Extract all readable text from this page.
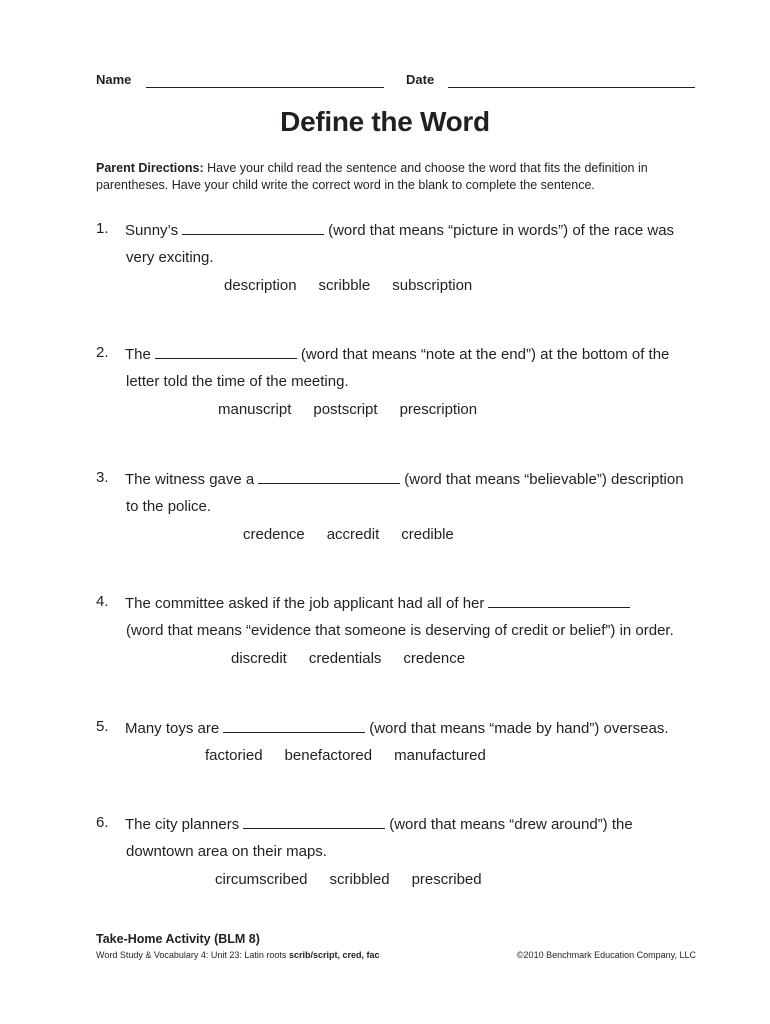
Name	Date
Define the Word
Parent Directions: Have your child read the sentence and choose the word that fits the definition in parentheses. Have your child write the correct word in the blank to complete the sentence.
1. Sunny’s	(word that means “picture in words”) of the race was
very exciting.
description scribble subscription
2. The	(word that means “note at the end”) at the bottom of the
letter told the time of the meeting.
manuscript postscript prescription
3. The witness gave a	(word that means “believable”) description
to the police.
credence accredit credible
4. The committee asked if the job applicant had all of her
(word that means “evidence that someone is deserving of credit or belief”) in order.
discredit credentials credence
5. Many toys are	(word that means “made by hand”) overseas.
factoried benefactored manufactured
6. The city planners	(word that means “drew around”) the
downtown area on their maps.
circumscribed scribbled prescribed
Take-Home Activity (BLM 8)
Word Study & Vocabulary 4: Unit 23: Latin roots scrib/script, cred, fac	©2010 Benchmark Education Company, LLC
